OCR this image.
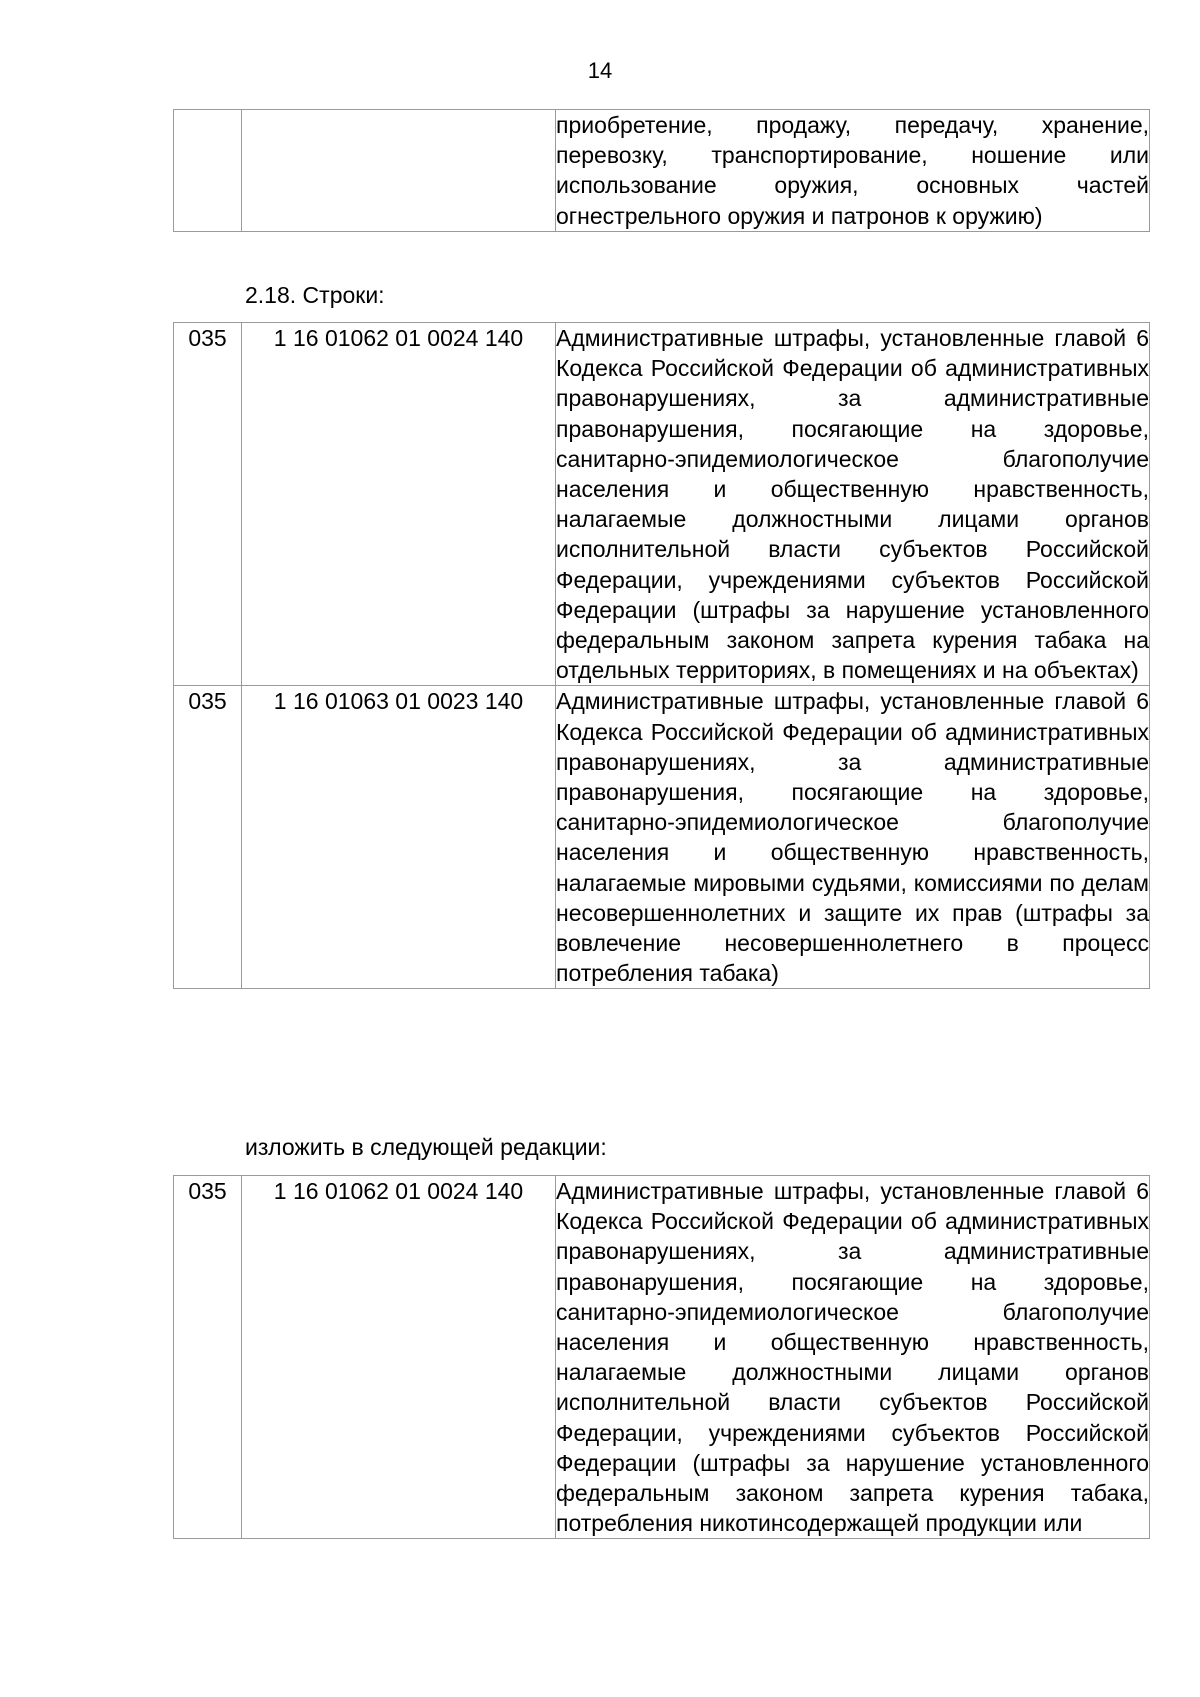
14
		приобретение, продажу, передачу, хранение, перевозку, транспортирование, ношение или использование оружия, основных частей огнестрельного оружия и патронов к оружию)
2.18. Строки:
035	1 16 01062 01 0024 140	Административные штрафы, установленные главой 6 Кодекса Российской Федерации об административных правонарушениях, за административные правонарушения, посягающие на здоровье, санитарно-эпидемиологическое благополучие населения и общественную нравственность, налагаемые должностными лицами органов исполнительной власти субъектов Российской Федерации, учреждениями субъектов Российской Федерации (штрафы за нарушение установленного федеральным законом запрета курения табака на отдельных территориях, в помещениях и на объектах)
035	1 16 01063 01 0023 140	Административные штрафы, установленные главой 6 Кодекса Российской Федерации об административных правонарушениях, за административные правонарушения, посягающие на здоровье, санитарно-эпидемиологическое благополучие населения и общественную нравственность, налагаемые мировыми судьями, комиссиями по делам несовершеннолетних и защите их прав (штрафы за вовлечение несовершеннолетнего в процесс потребления табака)
изложить в следующей редакции:
035	1 16 01062 01 0024 140	Административные штрафы, установленные главой 6 Кодекса Российской Федерации об административных правонарушениях, за административные правонарушения, посягающие на здоровье, санитарно-эпидемиологическое благополучие населения и общественную нравственность, налагаемые должностными лицами органов исполнительной власти субъектов Российской Федерации, учреждениями субъектов Российской Федерации (штрафы за нарушение установленного федеральным законом запрета курения табака, потребления никотинсодержащей продукции или
